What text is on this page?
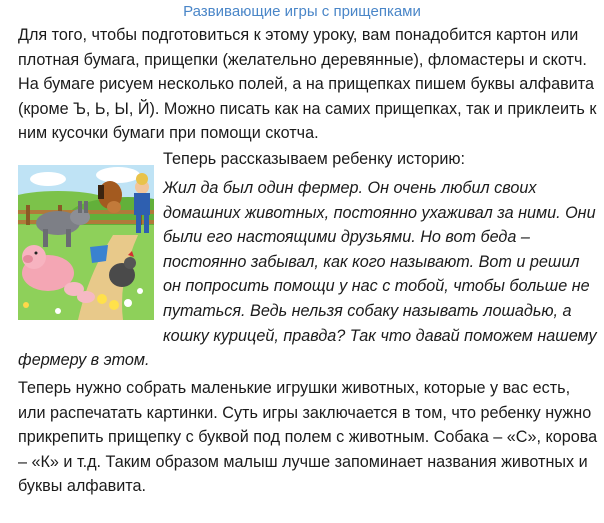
Развивающие игры с прищепками

Для того, чтобы подготовиться к этому уроку, вам понадобится картон или плотная бумага, прищепки (желательно деревянные), фломастеры и скотч. На бумаге рисуем несколько полей, а на прищепках пишем буквы алфавита (кроме Ъ, Ь, Ы, Й). Можно писать как на самих прищепках, так и приклеить к ним кусочки бумаги при помощи скотча.

Теперь рассказываем ребенку историю:

Жил да был один фермер. Он очень любил своих домашних животных, постоянно ухаживал за ними. Они были его настоящими друзьями. Но вот беда – постоянно забывал, как кого называют. Вот и решил он попросить помощи у нас с тобой, чтобы больше не путаться. Ведь нельзя собаку называть лошадью, а кошку курицей, правда? Так что давай поможем нашему фермеру в этом.

Теперь нужно собрать маленькие игрушки животных, которые у вас есть, или распечатать картинки. Суть игры заключается в том, что ребенку нужно прикрепить прищепку с буквой под полем с животным. Собака – «С», корова – «К» и т.д. Таким образом малыш лучше запоминает названия животных и буквы алфавита.
